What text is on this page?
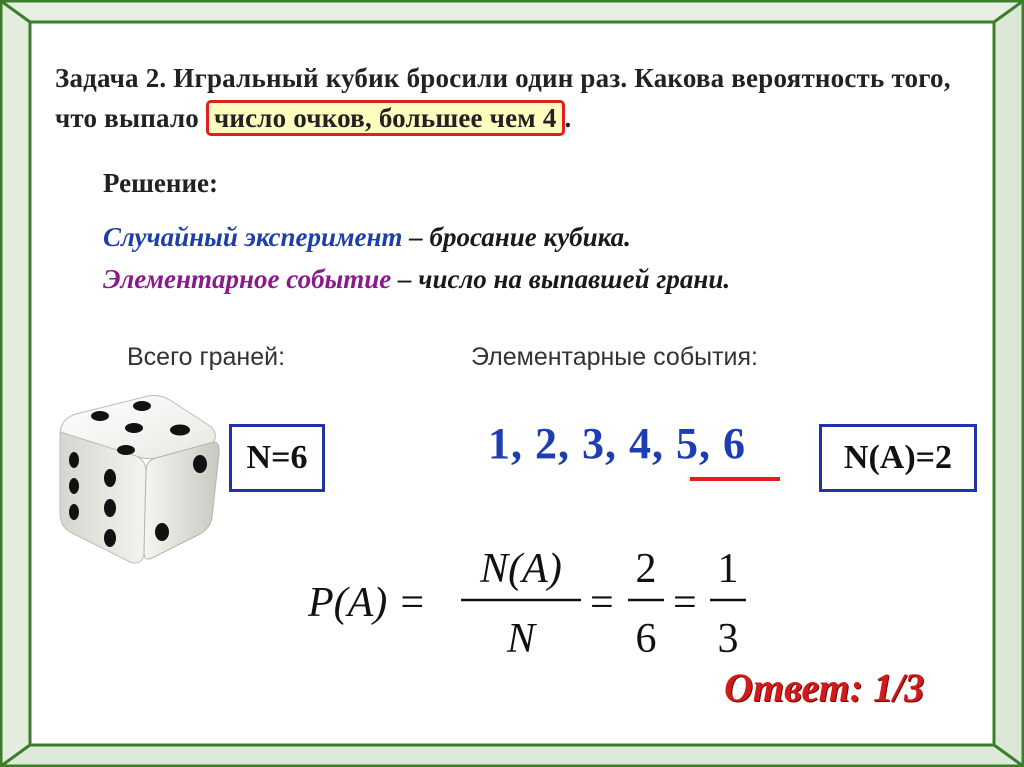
Задача 2. Игральный кубик бросили один раз. Какова вероятность того, что выпало число очков, большее чем 4 .
Решение:
Случайный эксперимент – бросание кубика.
Элементарное событие – число на выпавшей грани.
Всего граней:	Элементарные события:
N=6	1, 2, 3, 4, 5, 6	N(A)=2
P(A) =
N(A)
N
=
2
6
=
1
3
Ответ: 1/3
